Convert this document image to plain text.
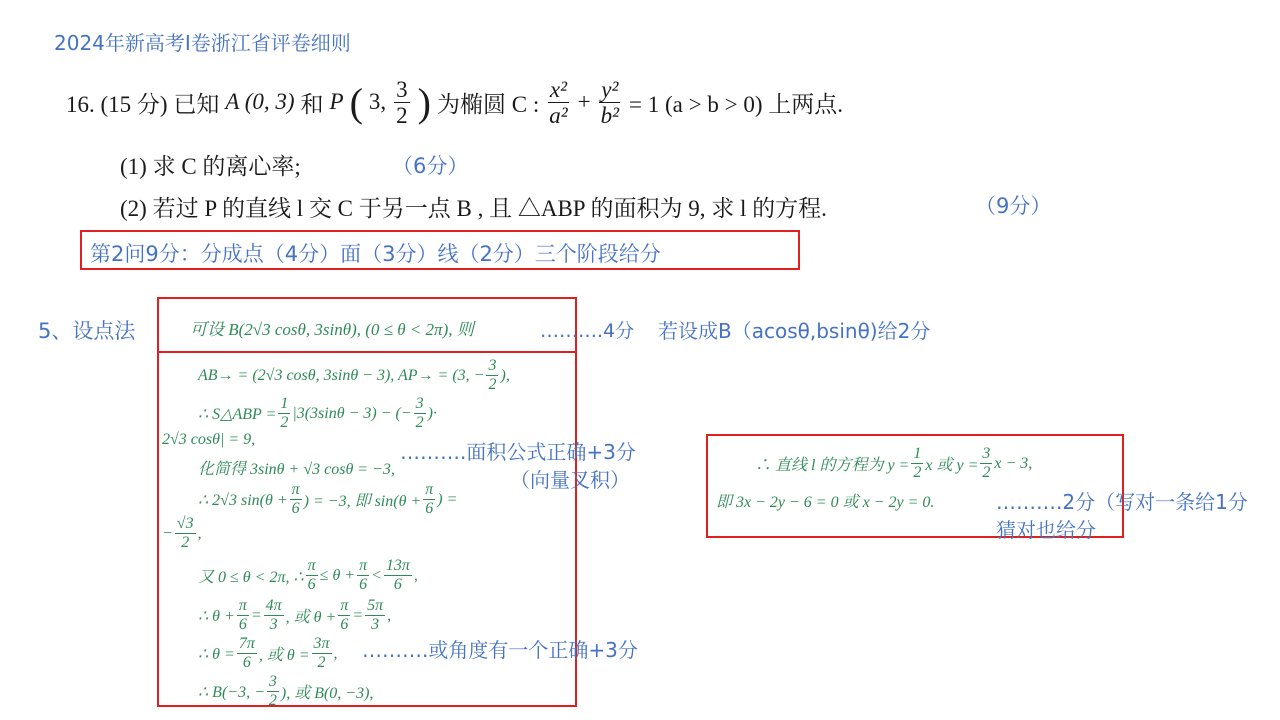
2024年新高考Ⅰ卷浙江省评卷细则
16. (15 分) 已知 A (0, 3) 和 P ( 3, $\frac{3}{2}$ ) 为椭圆 C : $\frac{\text{x²}}{\text{a²}} + \frac{\text{y²}}{\text{b²}} = 1$ (a > b > 0) 上两点.
(1) 求 C 的离心率;	（6分）
(2) 若过 P 的直线 l 交 C 于另一点 B , 且 △ABP 的面积为 9, 求 l 的方程.	（9分）
第2问9分：分成点（4分）面（3分）线（2分）三个阶段给分
5、设点法	可设 B(2√3 cosθ, 3sinθ), (0 ≤ θ < 2π), 则	……….4分 若设成B（acosθ,bsinθ)给2分
AB→ = (2√3 cosθ, 3sinθ − 3), AP→ = (3, − $\frac{3}{2}$ ),
∴ S△ABP = $\frac{1}{2} |3(3\sin\theta - 3)$ − (− $\frac{3}{2}$ )·
2√3 cosθ| = 9,
化简得 3sinθ + √3 cosθ = −3,
∴ 2√3 $\sin(\theta + \frac{\pi}{6}$ ) = −3, 即 $\sin(\theta + \frac{\pi}{6}$ ) =
− $\frac{√3}{2}$ ,
又 0 ≤ θ < 2π, ∴ $\frac{\pi}{6} \le \theta + \frac{\pi}{6} < \frac{13\pi}{6}$ ,
∴ $\theta + \frac{\pi}{6} = \frac{4\pi}{3}$ , 或 $\theta + \frac{\pi}{6} = \frac{5\pi}{3}$ ,
∴ $\theta = \frac{7\pi}{6}$ , 或 $\theta = \frac{3\pi}{2}$ ,
∴ B(−3, − $\frac{3}{2}$ ), 或 B(0, −3),
……….面积公式正确+3分
（向量叉积）
……….或角度有一个正确+3分
∴ 直线 l 的方程为 $y = \frac{1}{2}$ x 或 $y = \frac{3}{2}$ x − 3,
即 3x − 2y − 6 = 0 或 x − 2y = 0.	……….2分（写对一条给1分
猜对也给分
